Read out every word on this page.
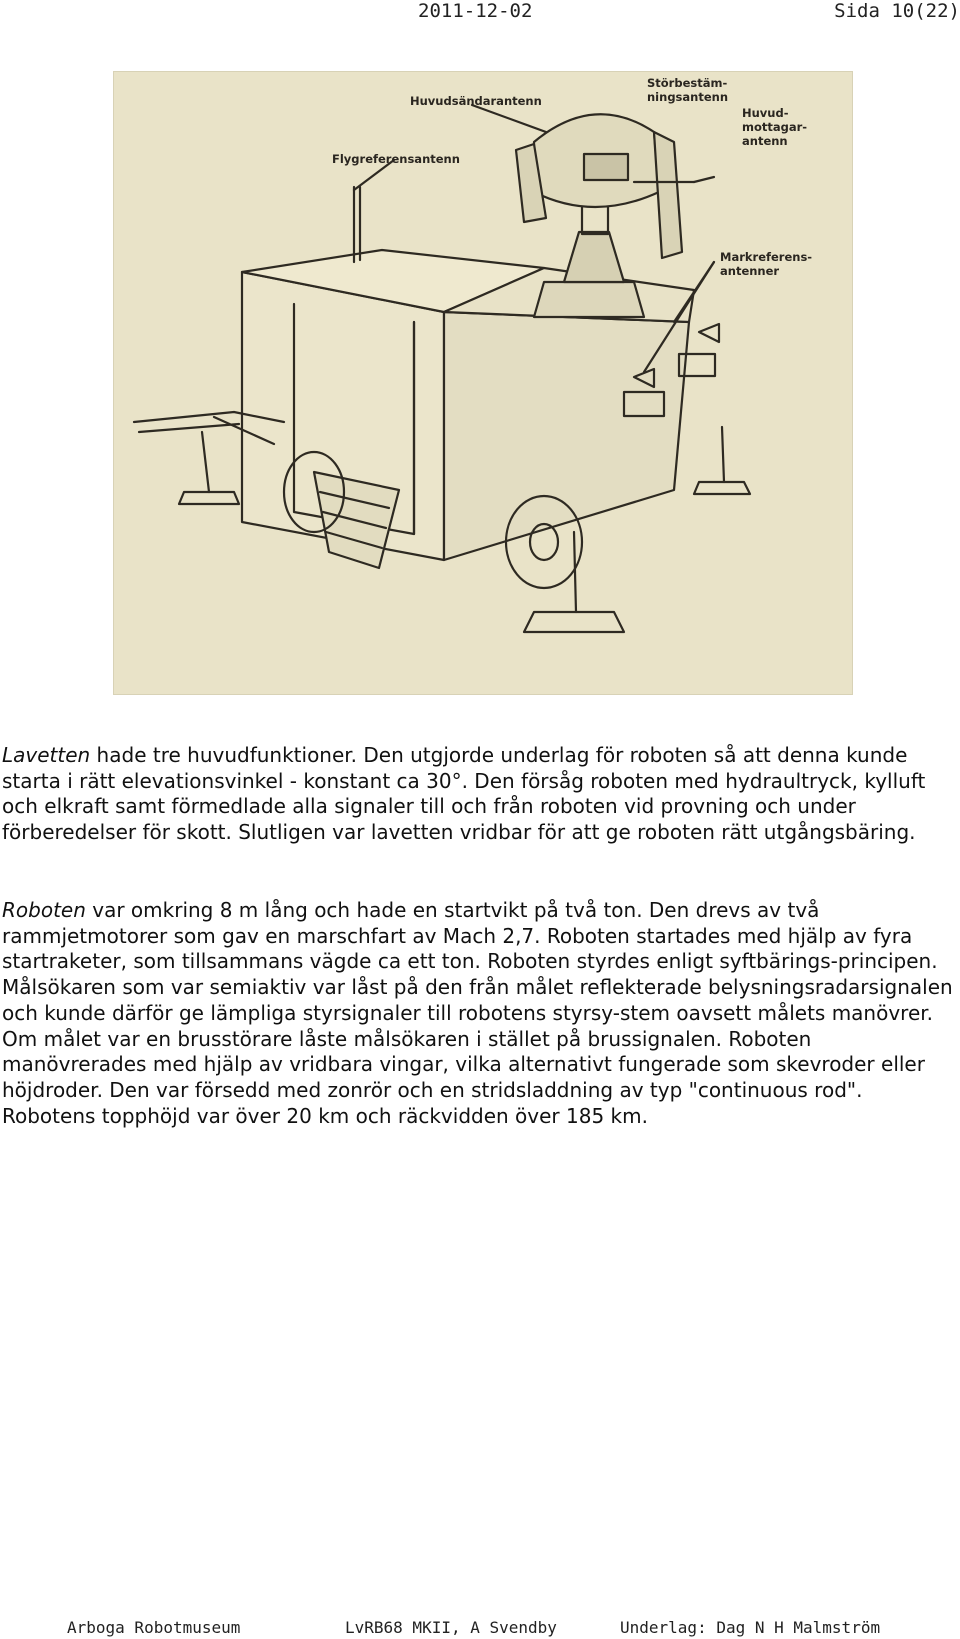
2011-12-02	Sida 10(22)
Huvudsändarantenn
Flygreferensantenn
Störbestäm-
ningsantenn
Huvud-
mottagar-
antenn
Markreferens-
antenner

Lavetten hade tre huvudfunktioner. Den utgjorde underlag för roboten så att denna kunde starta i rätt elevationsvinkel - konstant ca 30°. Den försåg roboten med hydraultryck, kylluft och elkraft samt förmedlade alla signaler till och från roboten vid provning och under förberedelser för skott. Slutligen var lavetten vridbar för att ge roboten rätt utgångsbäring.

Roboten var omkring 8 m lång och hade en startvikt på två ton. Den drevs av två rammjetmotorer som gav en marschfart av Mach 2,7. Roboten startades med hjälp av fyra startraketer, som tillsammans vägde ca ett ton. Roboten styrdes enligt syftbärings-principen. Målsökaren som var semiaktiv var låst på den från målet reflekterade belysningsradarsignalen och kunde därför ge lämpliga styrsignaler till robotens styrsy-stem oavsett målets manövrer. Om målet var en brusstörare låste målsökaren i stället på brussignalen. Roboten manövrerades med hjälp av vridbara vingar, vilka alternativt fungerade som skevroder eller höjdroder. Den var försedd med zonrör och en stridsladdning av typ "continuous rod". Robotens topphöjd var över 20 km och räckvidden över 185 km.

Arboga Robotmuseum	LvRB68 MKII, A Svendby	Underlag: Dag N H Malmström
